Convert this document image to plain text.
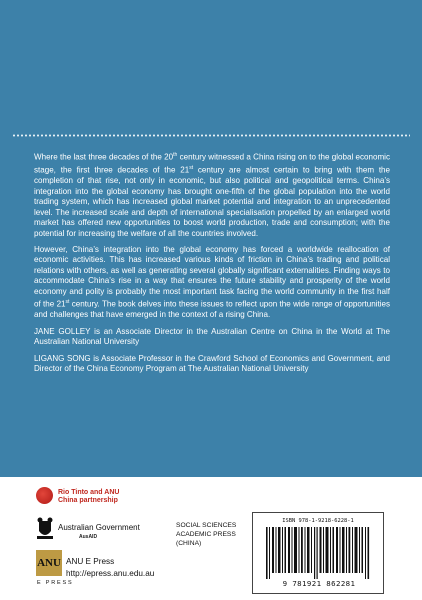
Where the last three decades of the 20th century witnessed a China rising on to the global economic stage, the first three decades of the 21st century are almost certain to bring with them the completion of that rise, not only in economic, but also political and geopolitical terms. China’s integration into the global economy has brought one-fifth of the global population into the world trading system, which has increased global market potential and integration to an unprecedented level. The increased scale and depth of international specialisation propelled by an enlarged world market has offered new opportunities to boost world production, trade and consumption; with the potential for increasing the welfare of all the countries involved.

However, China’s integration into the global economy has forced a worldwide reallocation of economic activities. This has increased various kinds of friction in China’s trading and political relations with others, as well as generating several globally significant externalities. Finding ways to accommodate China’s rise in a way that ensures the future stability and prosperity of the world economy and polity is probably the most important task facing the world community in the first half of the 21st century. The book delves into these issues to reflect upon the wide range of opportunities and challenges that have emerged in the context of a rising China.

JANE GOLLEY is an Associate Director in the Australian Centre on China in the World at The Australian National University

LIGANG SONG is Associate Professor in the Crawford School of Economics and Government, and Director of the China Economy Program at The Australian National University

Rio Tinto and ANU
China partnership
Australian Government
AusAID
SOCIAL SCIENCES
ACADEMIC PRESS
(CHINA)
ISBN 978-1-9218-6228-1
9 781921 862281
ANU
E PRESS
ANU E Press
http://epress.anu.edu.au
